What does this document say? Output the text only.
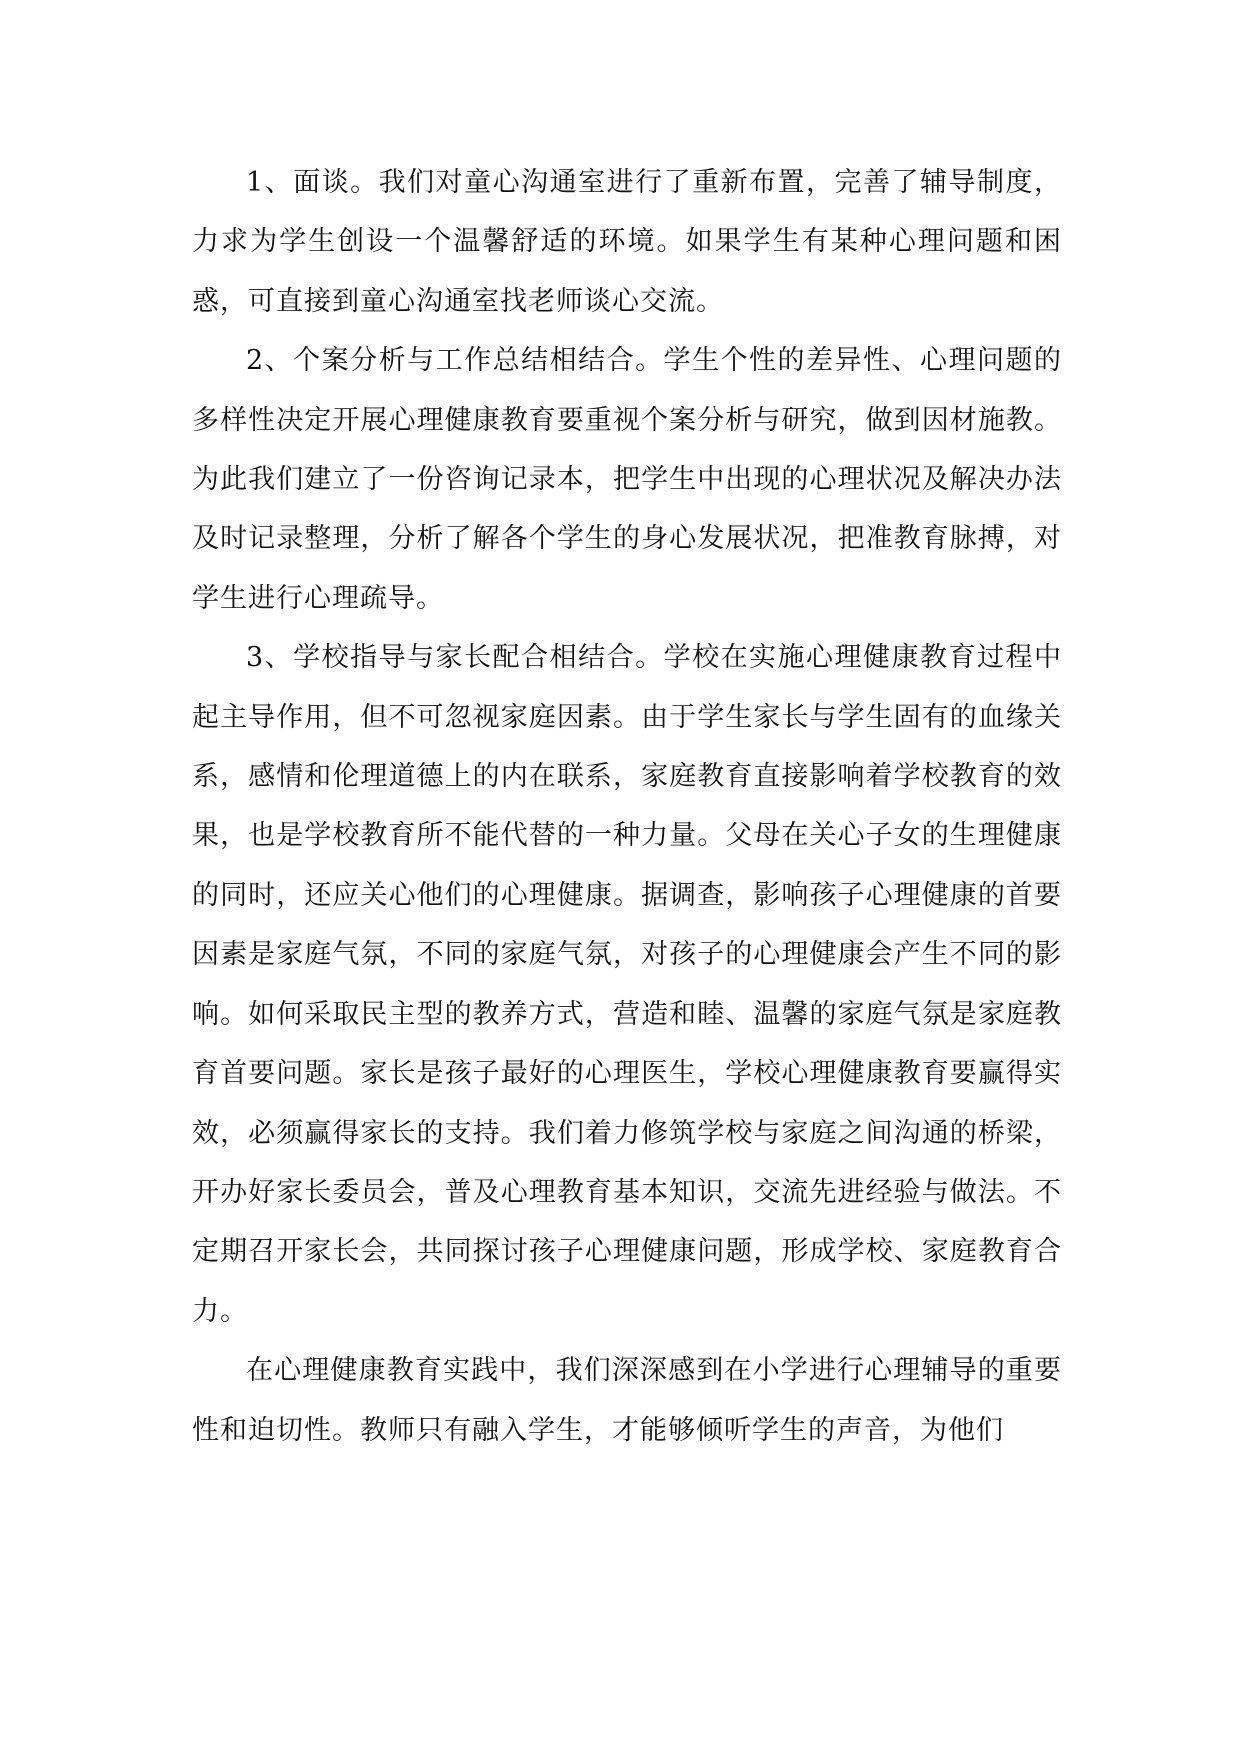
1、面谈。我们对童心沟通室进行了重新布置，完善了辅导制度，力求为学生创设一个温馨舒适的环境。如果学生有某种心理问题和困惑，可直接到童心沟通室找老师谈心交流。

2、个案分析与工作总结相结合。学生个性的差异性、心理问题的多样性决定开展心理健康教育要重视个案分析与研究，做到因材施教。为此我们建立了一份咨询记录本，把学生中出现的心理状况及解决办法及时记录整理，分析了解各个学生的身心发展状况，把准教育脉搏，对学生进行心理疏导。

3、学校指导与家长配合相结合。学校在实施心理健康教育过程中起主导作用，但不可忽视家庭因素。由于学生家长与学生固有的血缘关系，感情和伦理道德上的内在联系，家庭教育直接影响着学校教育的效果，也是学校教育所不能代替的一种力量。父母在关心子女的生理健康的同时，还应关心他们的心理健康。据调查，影响孩子心理健康的首要因素是家庭气氛，不同的家庭气氛，对孩子的心理健康会产生不同的影响。如何采取民主型的教养方式，营造和睦、温馨的家庭气氛是家庭教育首要问题。家长是孩子最好的心理医生，学校心理健康教育要赢得实效，必须赢得家长的支持。我们着力修筑学校与家庭之间沟通的桥梁，开办好家长委员会，普及心理教育基本知识，交流先进经验与做法。不定期召开家长会，共同探讨孩子心理健康问题，形成学校、家庭教育合力。

在心理健康教育实践中，我们深深感到在小学进行心理辅导的重要性和迫切性。教师只有融入学生，才能够倾听学生的声音，为他们
